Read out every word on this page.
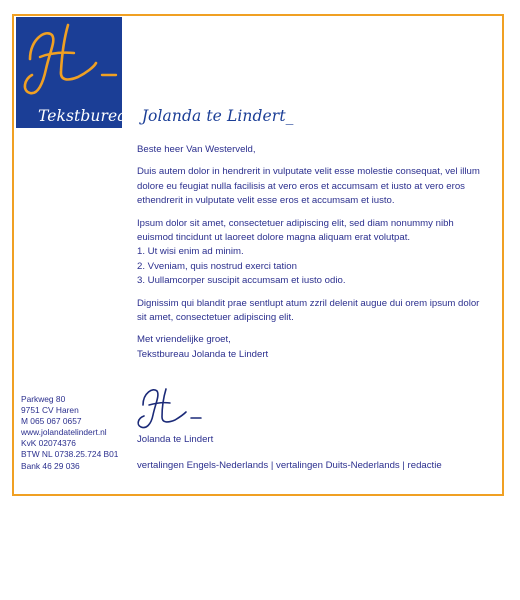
Tekstbureau Jolanda te Lindert_

Beste heer Van Westerveld,

Duis autem dolor in hendrerit in vulputate velit esse molestie consequat, vel illum dolore eu feugiat nulla facilisis at vero eros et accumsam et iusto at vero eros ethendrerit in vulputate velit esse eros et accumsam et iusto.

Ipsum dolor sit amet, consectetuer adipiscing elit, sed diam nonummy nibh euismod tincidunt ut laoreet dolore magna aliquam erat volutpat.

1. Ut wisi enim ad minim.
2. Vveniam, quis nostrud exerci tation
3. Uullamcorper suscipit accumsam et iusto odio.

Dignissim qui blandit prae sentlupt atum zzril delenit augue dui orem ipsum dolor sit amet, consectetuer adipiscing elit.

Met vriendelijke groet,

Tekstbureau Jolanda te Lindert

Jolanda te Lindert
vertalingen Engels-Nederlands | vertalingen Duits-Nederlands | redactie
Parkweg 80
9751 CV Haren
M 065 067 0657
www.jolandatelindert.nl
KvK 02074376
BTW NL 0738.25.724 B01
Bank 46 29 036
